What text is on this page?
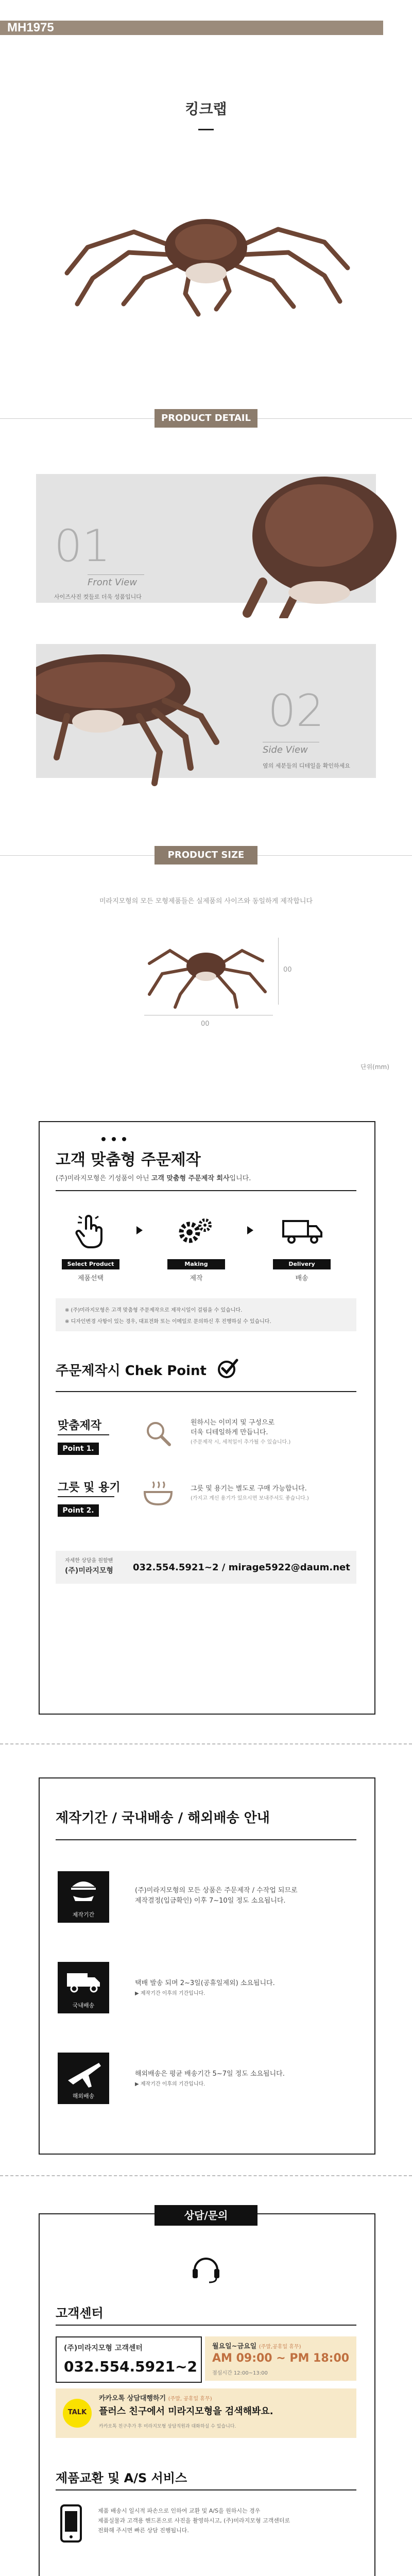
MH1975
킹크랩
PRODUCT DETAIL
01
Front View
사이즈사진 컷들로 더욱 성품입니다
02
Side View
옆의 세분들의 디테일을 확인하세요
PRODUCT SIZE
미라지모형의 모든 모형제품들은 실제품의 사이즈와 동일하게 제작합니다
00
00
단위(mm)
고객 맞춤형 주문제작
(주)미라지모형은 기성품이 아닌 고객 맞춤형 주문제작 회사입니다.
Select Product	Making	Delivery
제품선택	제작	배송
※ (주)미라지모형은 고객 맞춤형 주문제작으로 제작시일이 걸림을 수 있습니다.
※ 디자인변경 사항이 있는 경우, 대표전화 또는 이메일로 문의하신 후 진행하실 수 있습니다.
주문제작시 Chek Point
맞춤제작
Point 1.
원하시는 이미지 및 구성으로
더욱 디테일하게 만듭니다.
(주문제작 시, 세척일이 추가될 수 있습니다.)
그릇 및 용기
Point 2.
그릇 및 용기는 별도로 구매 가능합니다.
(가지고 계신 용기가 있으시면 보내주셔도 좋습니다.)
자세한 상담을 원할땐
(주)미라지모형 032.554.5921~2 / mirage5922@daum.net
제작기간 / 국내배송 / 해외배송 안내
제작기간
(주)미라지모형의 모든 상품은 주문제작 / 수작업 되므로
제작결정(입금확인) 이후 7~10일 정도 소요됩니다.
국내배송
택배 발송 되며 2~3일(공휴일제외) 소요됩니다.
▶ 제작기간 이후의 기간입니다.
해외배송
해외배송은 평균 배송기간 5~7일 정도 소요됩니다.
▶ 제작기간 이후의 기간입니다.
상담/문의
고객센터
(주)미라지모형 고객센터
032.554.5921~2
월요일~금요일 (주말,공휴일 휴무)
AM 09:00 ~ PM 18:00
점심시간 12:00~13:00
TALK
카카오톡 상담대행하기 (주말, 공휴일 휴무)
플러스 친구에서 미라지모형을 검색해봐요.
카카오톡 친구추가 후 미라지모형 상담직원과 대화하실 수 있습니다.
제품교환 및 A/S 서비스
제품 배송시 일시적 파손으로 인하여 교환 및 A/S을 원하시는 경우
제품실물과 고객용 핸드폰으로 사진을 촬영하시고, (주)미라지모형 고객센터로
전화해 주시면 빠른 상담 진행됩니다.
